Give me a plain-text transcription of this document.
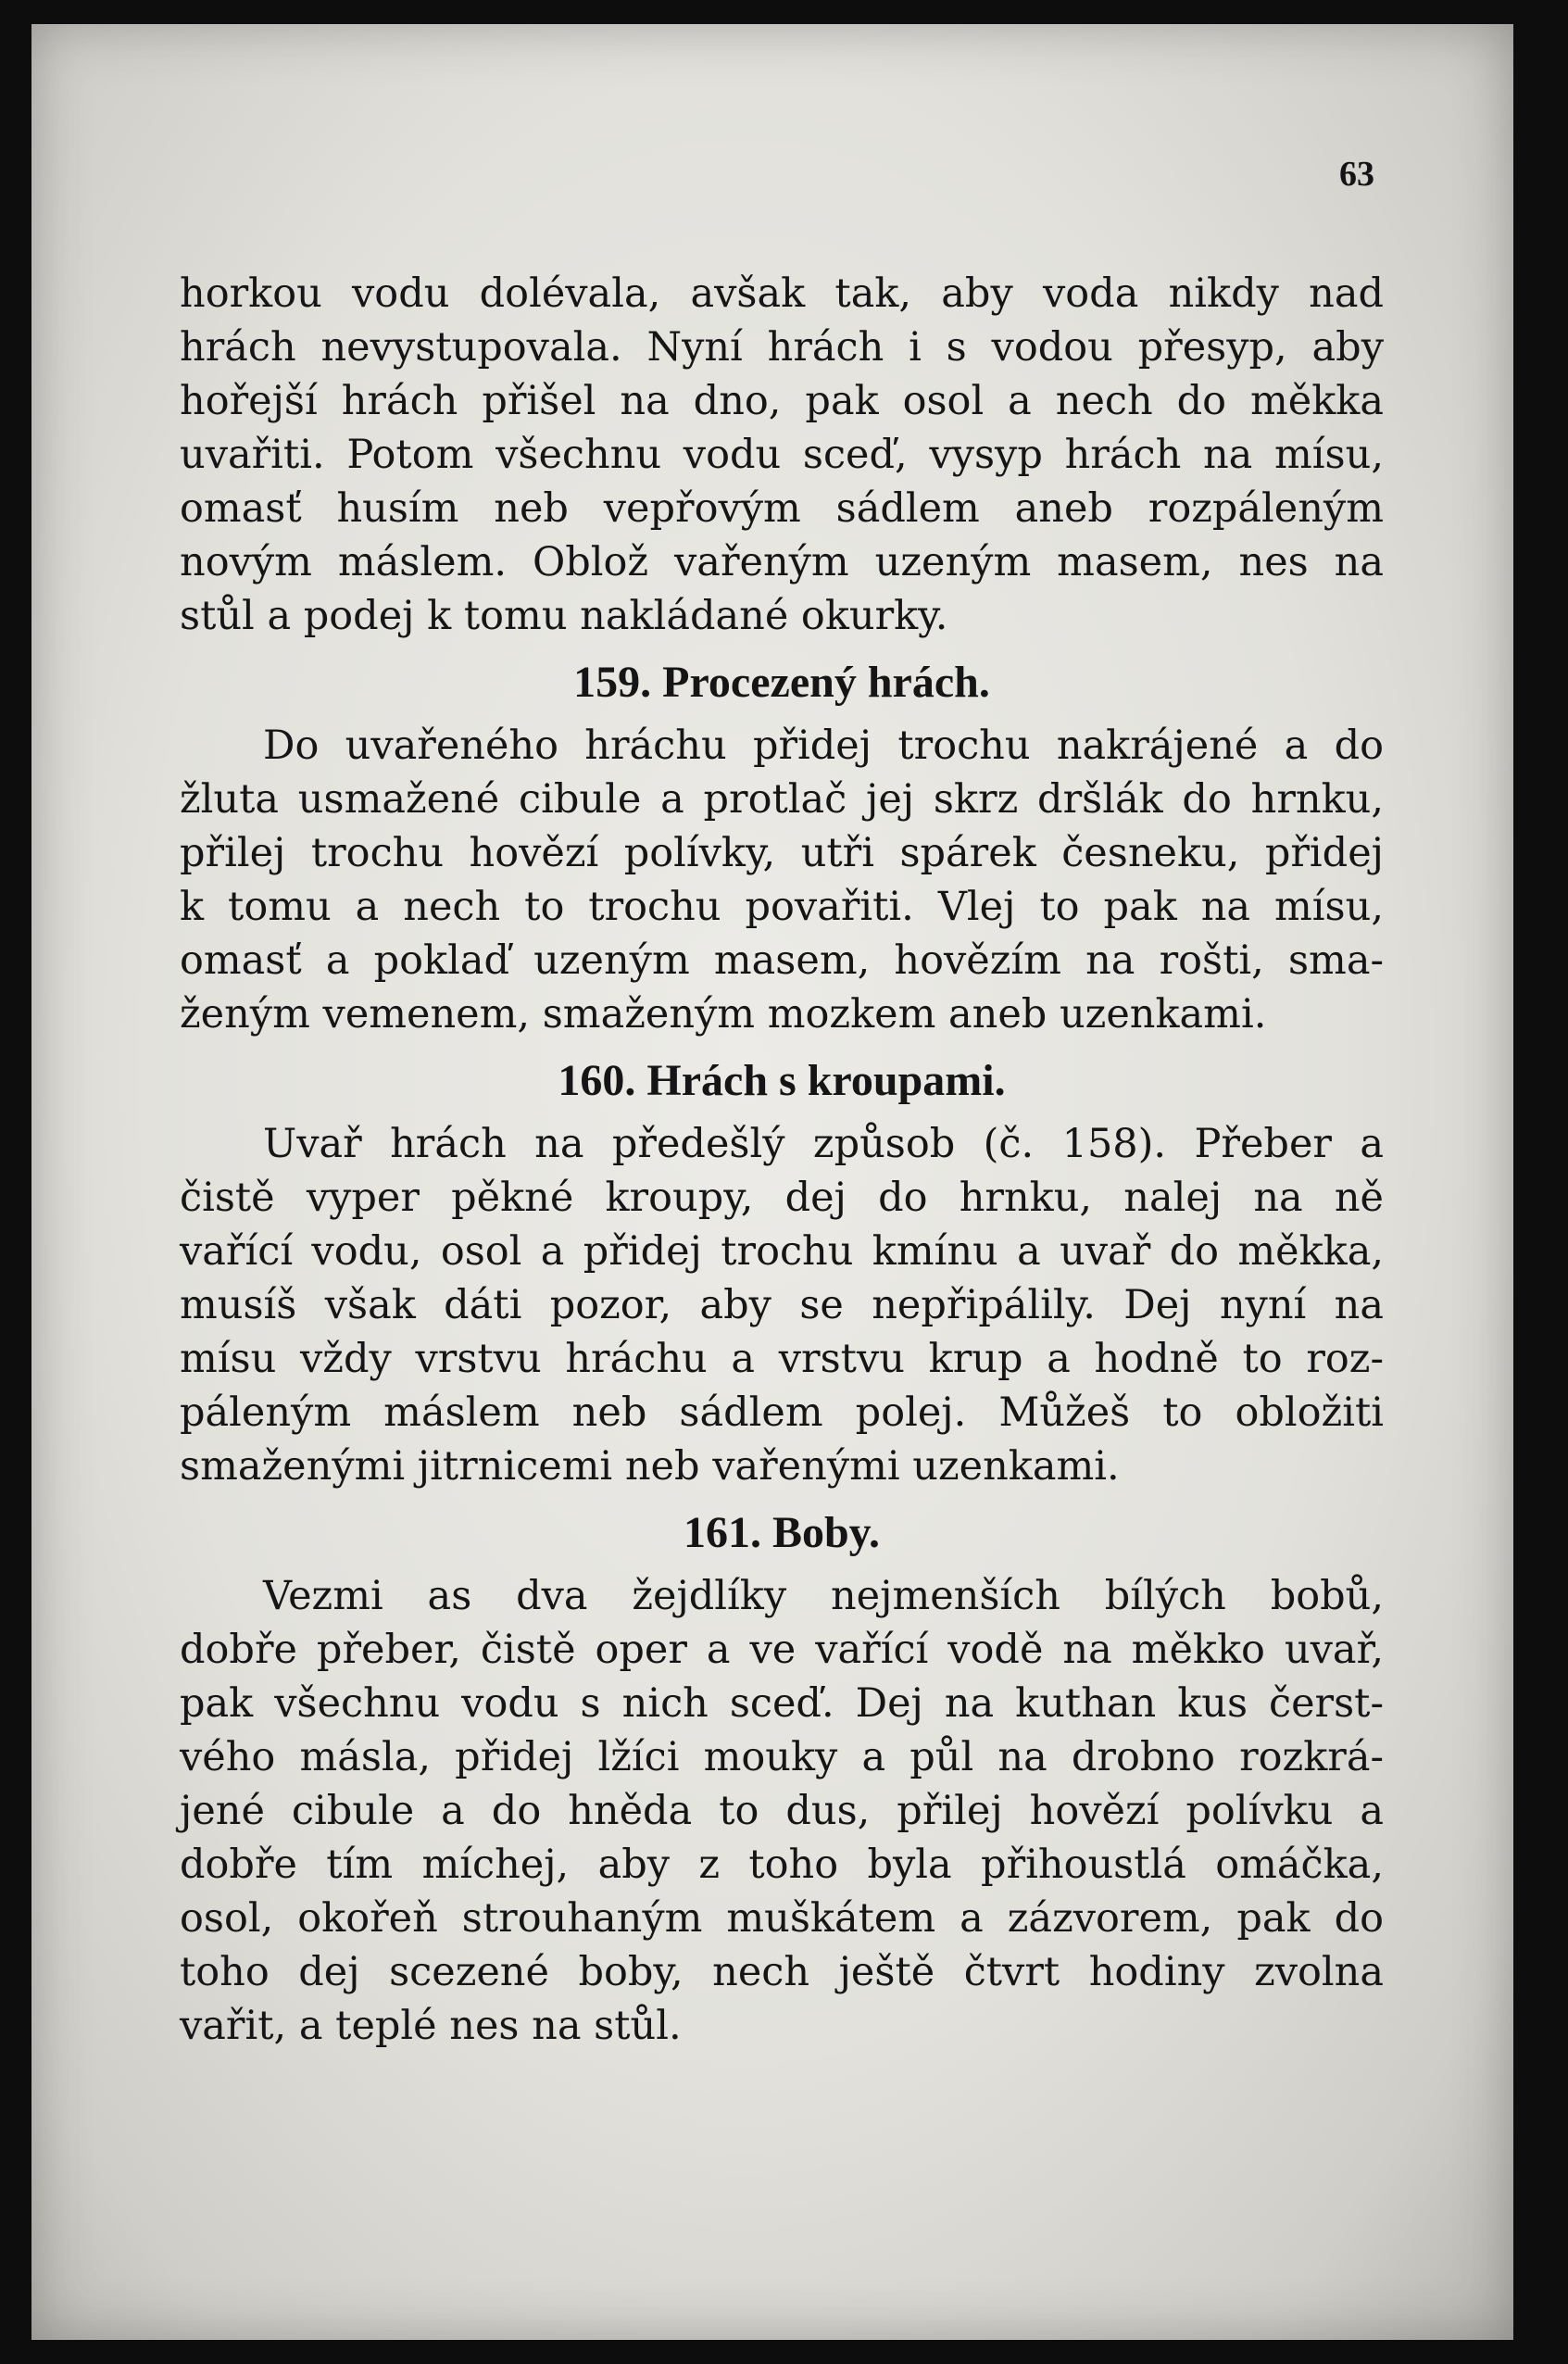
63
horkou vodu dolévala, avšak tak, aby voda nikdy nad
hrách nevystupovala. Nyní hrách i s vodou přesyp, aby
hořejší hrách přišel na dno, pak osol a nech do měkka
uvařiti. Potom všechnu vodu sceď, vysyp hrách na mísu,
omasť husím neb vepřovým sádlem aneb rozpáleným
novým máslem. Oblož vařeným uzeným masem, nes na
stůl a podej k tomu nakládané okurky.
159. Procezený hrách.
Do uvařeného hráchu přidej trochu nakrájené a do
žluta usmažené cibule a protlač jej skrz dršlák do hrnku,
přilej trochu hovězí polívky, utři spárek česneku, přidej
k tomu a nech to trochu povařiti. Vlej to pak na mísu,
omasť a poklaď uzeným masem, hovězím na rošti, sma-
ženým vemenem, smaženým mozkem aneb uzenkami.
160. Hrách s kroupami.
Uvař hrách na předešlý způsob (č. 158). Přeber a
čistě vyper pěkné kroupy, dej do hrnku, nalej na ně
vařící vodu, osol a přidej trochu kmínu a uvař do měkka,
musíš však dáti pozor, aby se nepřipálily. Dej nyní na
mísu vždy vrstvu hráchu a vrstvu krup a hodně to roz-
páleným máslem neb sádlem polej. Můžeš to obložiti
smaženými jitrnicemi neb vařenými uzenkami.
161. Boby.
Vezmi as dva žejdlíky nejmenších bílých bobů,
dobře přeber, čistě oper a ve vařící vodě na měkko uvař,
pak všechnu vodu s nich sceď. Dej na kuthan kus čerst-
vého másla, přidej lžíci mouky a půl na drobno rozkrá-
jené cibule a do hněda to dus, přilej hovězí polívku a
dobře tím míchej, aby z toho byla přihoustlá omáčka,
osol, okořeň strouhaným muškátem a zázvorem, pak do
toho dej scezené boby, nech ještě čtvrt hodiny zvolna
vařit, a teplé nes na stůl.
